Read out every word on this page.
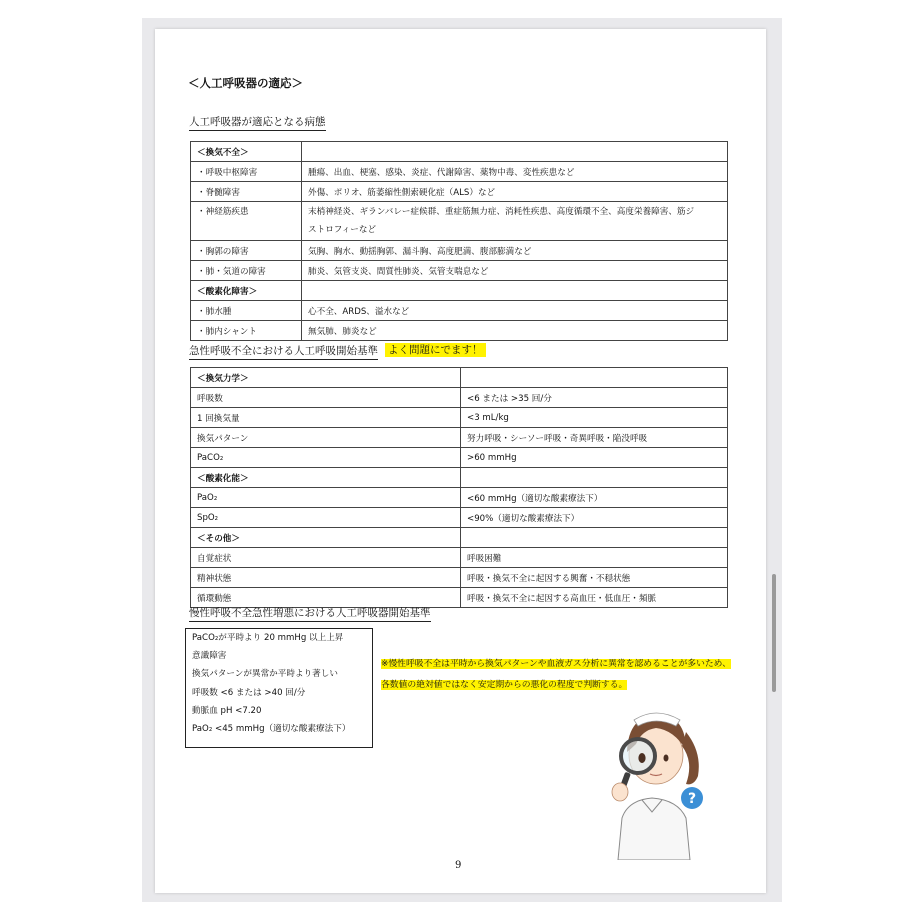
＜人工呼吸器の適応＞
人工呼吸器が適応となる病態
＜換気不全＞	
・呼吸中枢障害	腫瘍、出血、梗塞、感染、炎症、代謝障害、薬物中毒、変性疾患など
・脊髄障害	外傷、ポリオ、筋萎縮性側索硬化症（ALS）など
・神経筋疾患	末梢神経炎、ギランバレー症候群、重症筋無力症、消耗性疾患、高度循環不全、高度栄養障害、筋ジ
ストロフィーなど

・胸郭の障害	気胸、胸水、動揺胸郭、漏斗胸、高度肥満、腹部膨満など
・肺・気道の障害	肺炎、気管支炎、間質性肺炎、気管支喘息など
＜酸素化障害＞	
・肺水腫	心不全、ARDS、溢水など
・肺内シャント	無気肺、肺炎など
急性呼吸不全における人工呼吸開始基準 よく問題にでます！
＜換気力学＞	
呼吸数	<6 または >35 回/分
1 回換気量	<3 mL/kg
換気パターン	努力呼吸・シーソー呼吸・奇異呼吸・陥没呼吸
PaCO₂	>60 mmHg
＜酸素化能＞	
PaO₂	<60 mmHg（適切な酸素療法下）
SpO₂	<90%（適切な酸素療法下）
＜その他＞	
自覚症状	呼吸困難
精神状態	呼吸・換気不全に起因する興奮・不穏状態
循環動態	呼吸・換気不全に起因する高血圧・低血圧・頻脈
慢性呼吸不全急性増悪における人工呼吸器開始基準
PaCO₂が平時より 20 mmHg 以上上昇
意識障害
換気パターンが異常か平時より著しい
呼吸数 <6 または >40 回/分
動脈血 pH <7.20
PaO₂ <45 mmHg（適切な酸素療法下）
※慢性呼吸不全は平時から換気パターンや血液ガス分析に異常を認めることが多いため、
各数値の絶対値ではなく安定期からの悪化の程度で判断する。
?
9
